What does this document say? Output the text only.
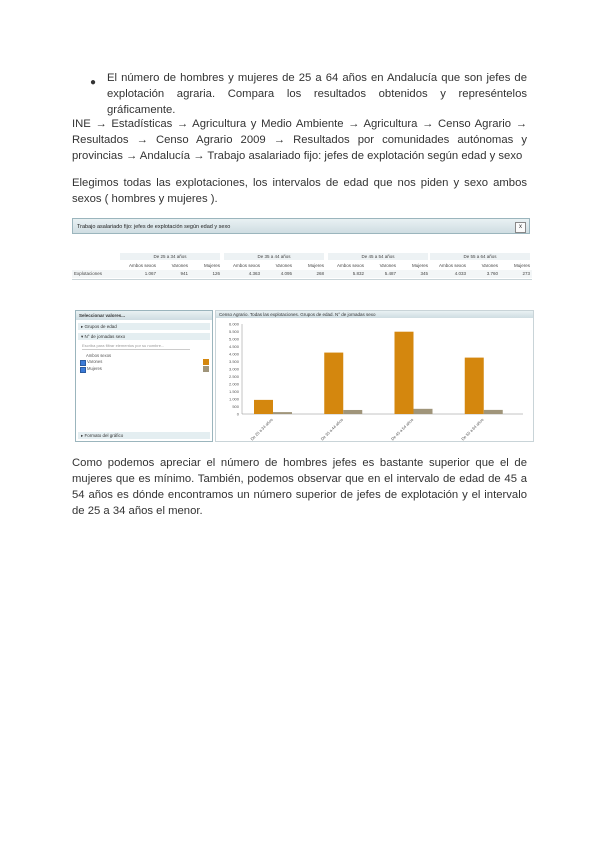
● El número de hombres y mujeres de 25 a 64 años en Andalucía que son jefes de explotación agraria. Compara los resultados obtenidos y represéntelos gráficamente.
INE → Estadísticas → Agricultura y Medio Ambiente → Agricultura → Censo Agrario → Resultados → Censo Agrario 2009 → Resultados por comunidades autónomas y provincias → Andalucía → Trabajo asalariado fijo: jefes de explotación según edad y sexo
Elegimos todas las explotaciones, los intervalos de edad que nos piden y sexo ambos sexos ( hombres y mujeres ).
Trabajo asalariado fijo: jefes de explotación según edad y sexo	x
De 25 a 34 años	De 35 a 44 años	De 45 a 54 años	De 55 a 64 años
Ambos sexos	Varones	Mujeres	Ambos sexos	Varones	Mujeres	Ambos sexos	Varones	Mujeres	Ambos sexos	Varones	Mujeres
Explotaciones	1.067	941	126	4.363	4.095	268	5.832	5.487	345	4.033	3.760	273
Seleccionar valores...
▸ Grupos de edad
▾ N° de jornadas sexo
Escriba para filtrar elementos por su nombre...
Ambos sexos
Varones
Mujeres
▸ Formato del gráfico
Censo Agrario. Todas las explotaciones. Grupos de edad. N° de jornadas sexo
0
500
1.000
1.500
2.000
2.500
3.000
3.500
4.000
4.500
5.000
5.500
6.000
De 25 a 34 años	De 35 a 44 años	De 45 a 54 años	De 55 a 64 años
Como podemos apreciar el número de hombres jefes es bastante superior que el de mujeres que es mínimo. También, podemos observar que en el intervalo de edad de 45 a 54 años es dónde encontramos un número superior de jefes de explotación y el intervalo de 25 a 34 años el menor.
